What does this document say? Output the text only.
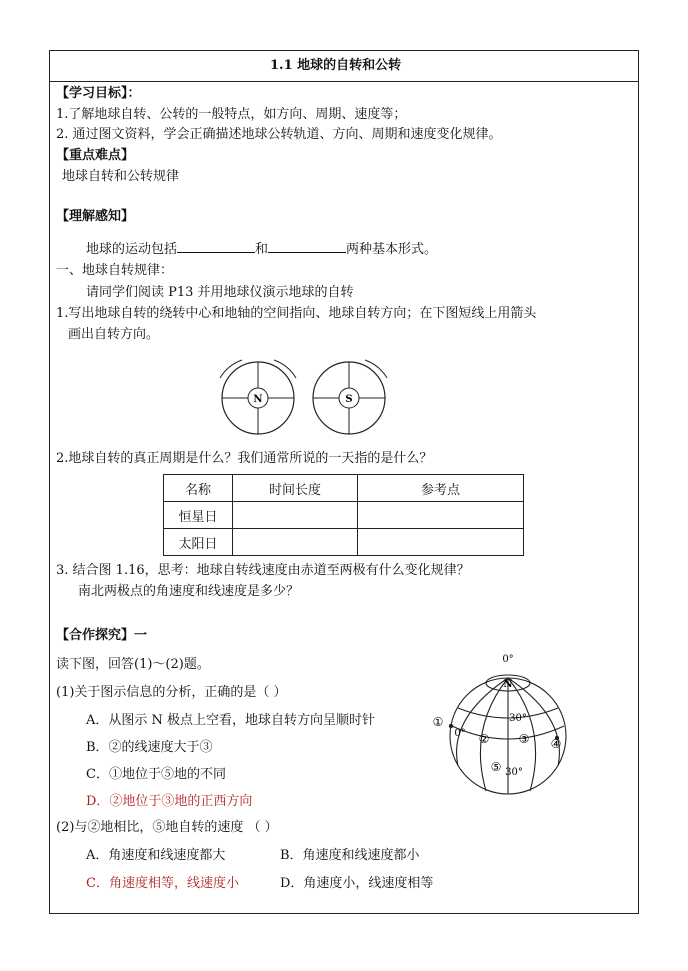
1.1 地球的自转和公转
【学习目标】：
1.了解地球自转、公转的一般特点，如方向、周期、速度等；
2. 通过图文资料，学会正确描述地球公转轨道、方向、周期和速度变化规律。
【重点难点】
地球自转和公转规律
【理解感知】
地球的运动包括	和	两种基本形式。
一、地球自转规律：
请同学们阅读 P13 并用地球仪演示地球的自转
1.写出地球自转的绕转中心和地轴的空间指向、地球自转方向；在下图短线上用箭头
画出自转方向。
N	S
2.地球自转的真正周期是什么？我们通常所说的一天指的是什么？
名称	时间长度	参考点
恒星日		
太阳日		
3. 结合图 1.16，思考：地球自转线速度由赤道至两极有什么变化规律？
南北两极点的角速度和线速度是多少？
【合作探究】一
读下图，回答(1)～(2)题。
(1)关于图示信息的分析，正确的是（ ）
A．从图示 N 极点上空看，地球自转方向呈顺时针
B．②的线速度大于③
C．①地位于⑤地的不同
D．②地位于③地的正西方向
(2)与②地相比，⑤地自转的速度 （ ）
A．角速度和线速度都大	B．角速度和线速度都小
C．角速度相等，线速度小	D．角速度小，线速度相等
0°
N
①
0° ② ③ ④
⑤
30°
30°
